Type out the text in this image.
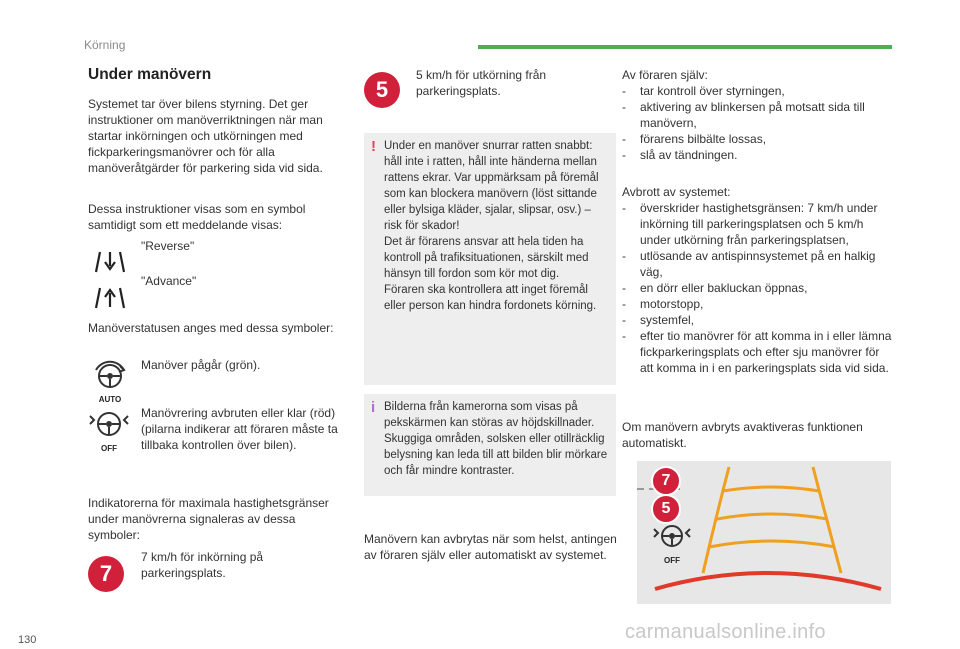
Körning
Under manövern
Systemet tar över bilens styrning. Det ger instruktioner om manöverriktningen när man startar inkörningen och utkörningen med fickparkeringsmanövrer och för alla manöveråtgärder för parkering sida vid sida.
Dessa instruktioner visas som en symbol samtidigt som ett meddelande visas:
"Reverse"
"Advance"
Manöverstatusen anges med dessa symboler:
AUTO
Manöver pågår (grön).
OFF
Manövrering avbruten eller klar (röd) (pilarna indikerar att föraren måste ta tillbaka kontrollen över bilen).
Indikatorerna för maximala hastighetsgränser under manövrerna signaleras av dessa symboler:
7
7 km/h för inkörning på parkeringsplats.
5
5 km/h för utkörning från parkeringsplats.
! Under en manöver snurrar ratten snabbt: håll inte i ratten, håll inte händerna mellan rattens ekrar. Var uppmärksam på föremål som kan blockera manövern (löst sittande eller bylsiga kläder, sjalar, slipsar, osv.) – risk för skador!
Det är förarens ansvar att hela tiden ha kontroll på trafiksituationen, särskilt med hänsyn till fordon som kör mot dig.
Föraren ska kontrollera att inget föremål eller person kan hindra fordonets körning.
i Bilderna från kamerorna som visas på pekskärmen kan störas av höjdskillnader. Skuggiga områden, solsken eller otillräcklig belysning kan leda till att bilden blir mörkare och får mindre kontraster.
Manövern kan avbrytas när som helst, antingen av föraren själv eller automatiskt av systemet.
Av föraren själv:
- tar kontroll över styrningen,
- aktivering av blinkersen på motsatt sida till manövern,
- förarens bilbälte lossas,
- slå av tändningen.
Avbrott av systemet:
- överskrider hastighetsgränsen: 7 km/h under inkörning till parkeringsplatsen och 5 km/h under utkörning från parkeringsplatsen,
- utlösande av antispinnsystemet på en halkig väg,
- en dörr eller bakluckan öppnas,
- motorstopp,
- systemfel,
- efter tio manövrer för att komma in i eller lämna fickparkeringsplats och efter sju manövrer för att komma in i en parkeringsplats sida vid sida.
Om manövern avbryts avaktiveras funktionen automatiskt.
7
5
OFF
130	carmanualsonline.info
